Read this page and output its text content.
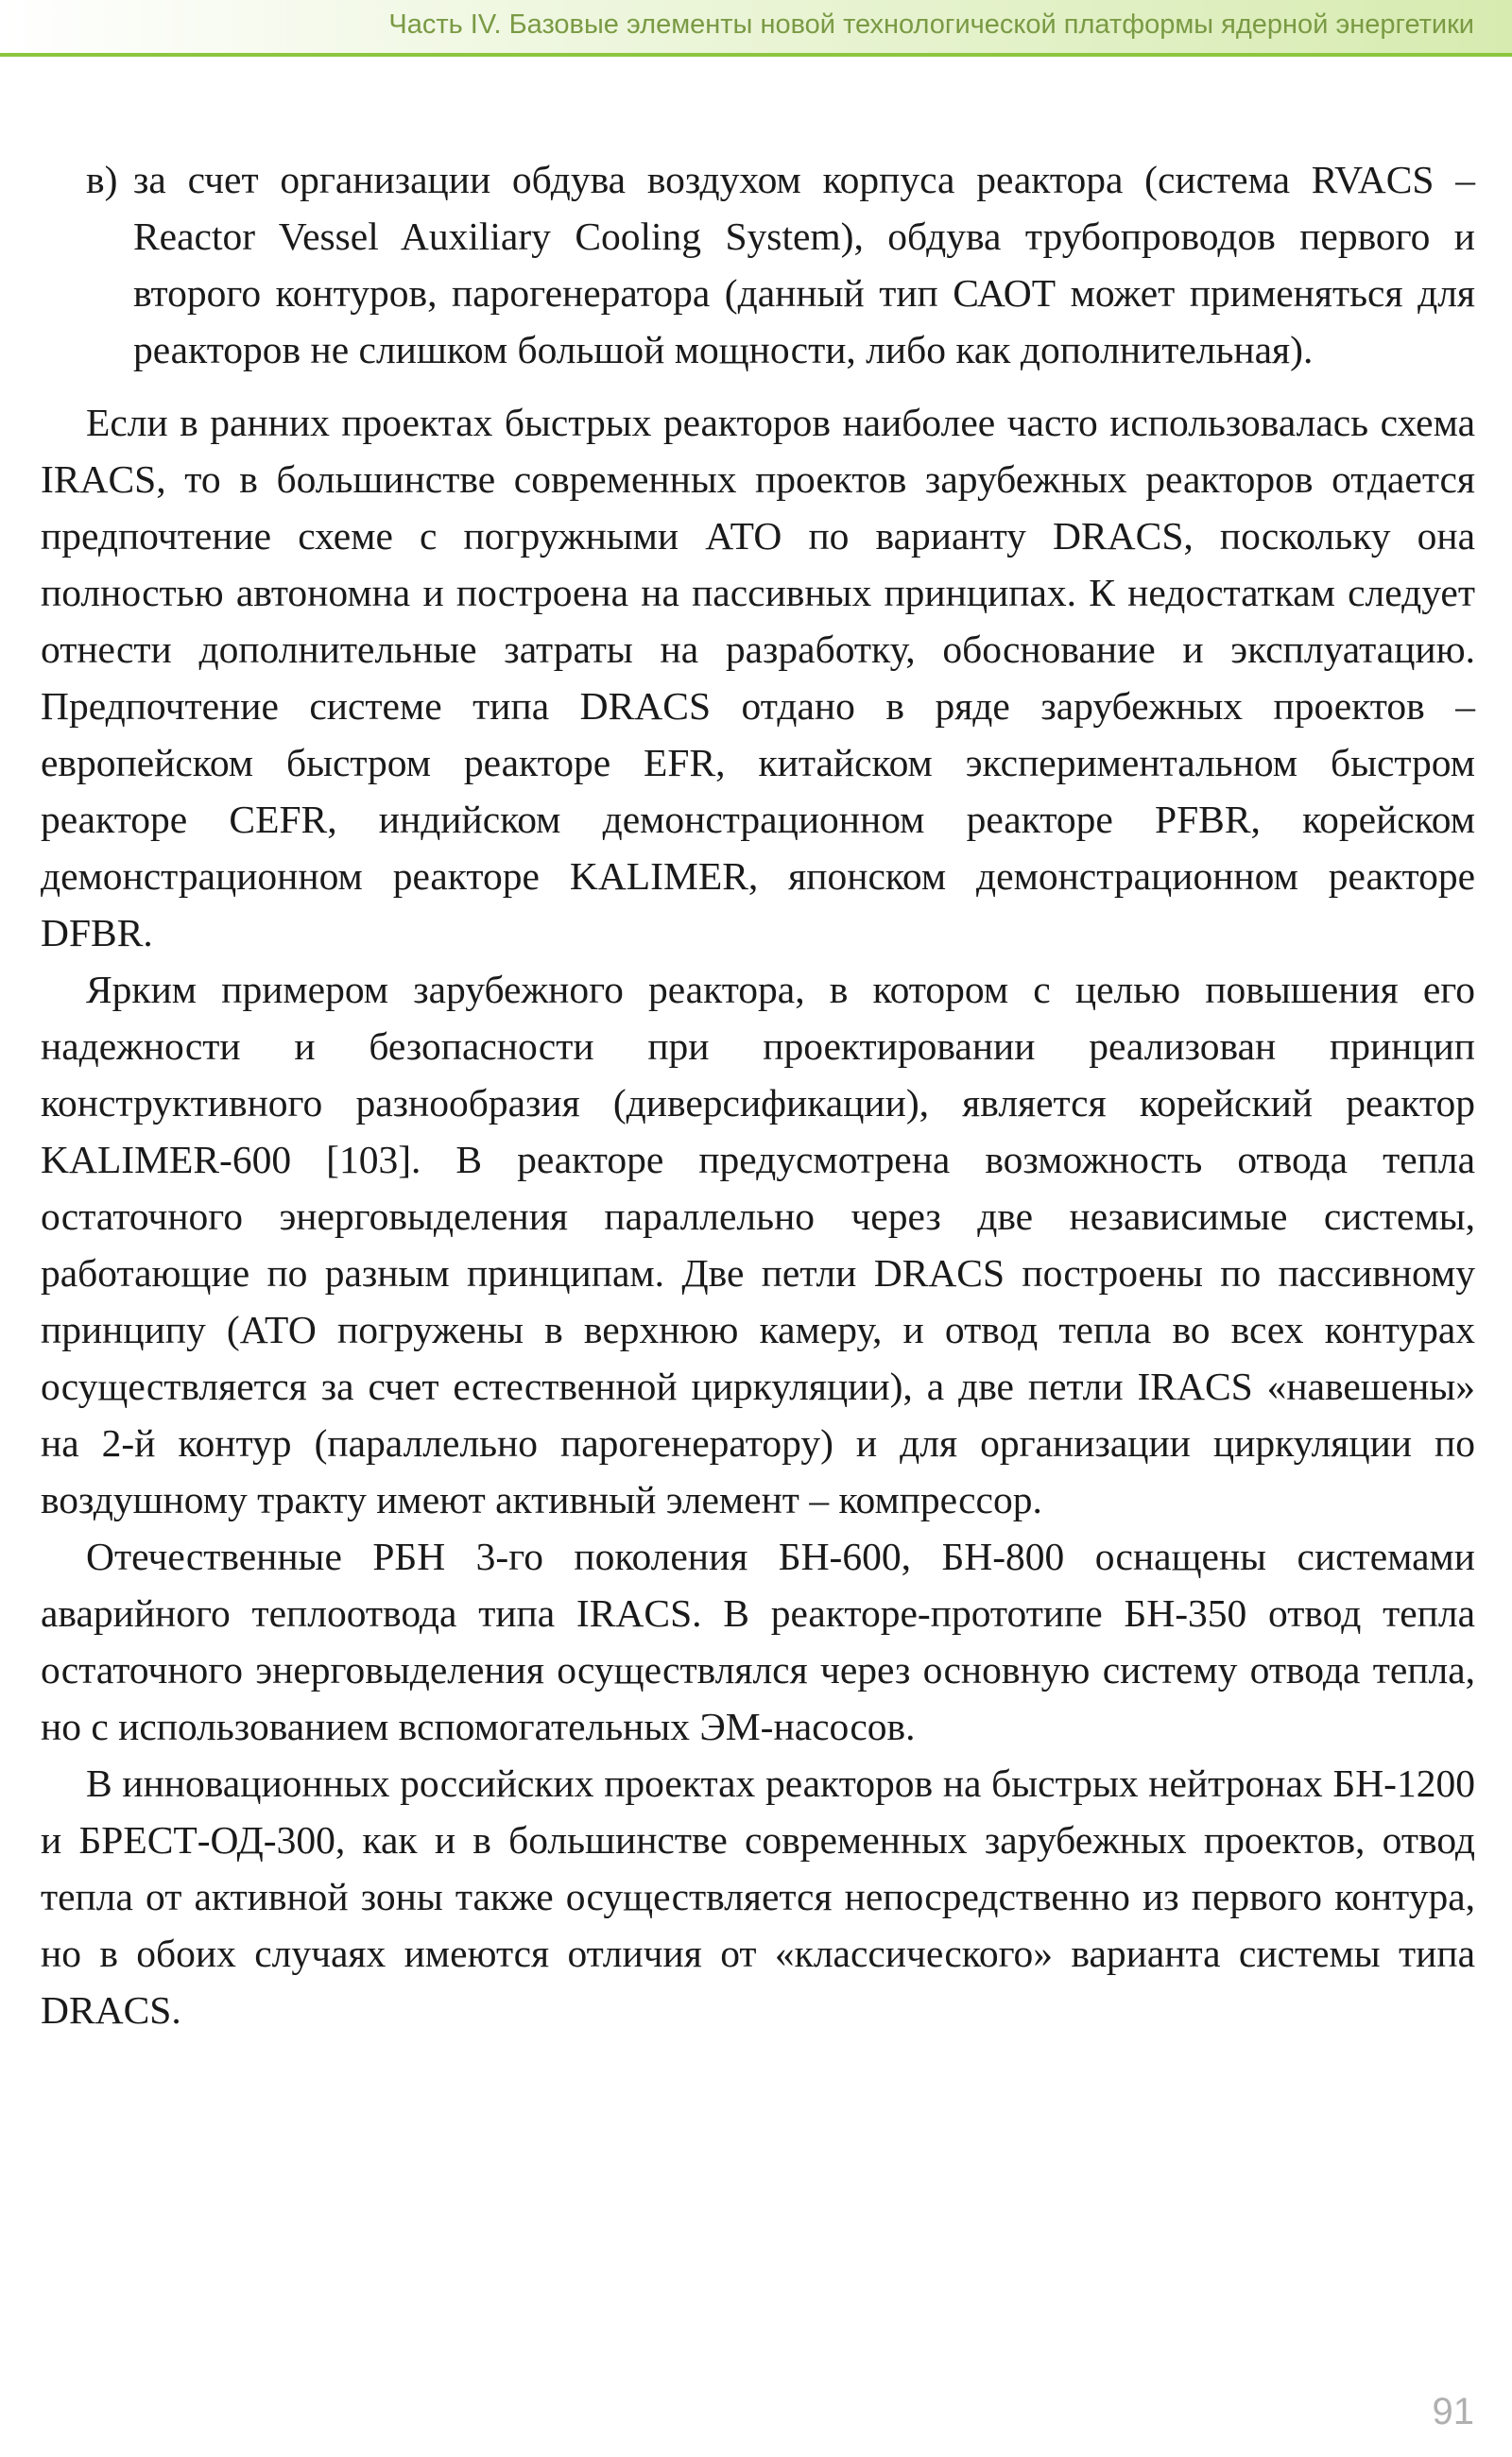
Часть IV. Базовые элементы новой технологической платформы ядерной энергетики
в) за счет организации обдува воздухом корпуса реактора (система RVACS – Reactor Vessel Auxiliary Cooling System), обдува трубопроводов первого и второго контуров, парогенератора (данный тип САОТ может применяться для реакторов не слишком большой мощности, либо как дополнительная).

Если в ранних проектах быстрых реакторов наиболее часто использовалась схема IRACS, то в большинстве современных проектов зарубежных реакторов отдается предпочтение схеме с погружными АТО по варианту DRACS, поскольку она полностью автономна и построена на пассивных принципах. К недостаткам следует отнести дополнительные затраты на разработку, обоснование и эксплуатацию. Предпочтение системе типа DRACS отдано в ряде зарубежных проектов – европейском быстром реакторе EFR, китайском экспериментальном быстром реакторе CEFR, индийском демонстрационном реакторе PFBR, корейском демонстрационном реакторе KALIMER, японском демонстрационном реакторе DFBR.

Ярким примером зарубежного реактора, в котором с целью повышения его надежности и безопасности при проектировании реализован принцип конструктивного разнообразия (диверсификации), является корейский реактор KALIMER-600 [103]. В реакторе предусмотрена возможность отвода тепла остаточного энерговыделения параллельно через две независимые системы, работающие по разным принципам. Две петли DRACS построены по пассивному принципу (АТО погружены в верхнюю камеру, и отвод тепла во всех контурах осуществляется за счет естественной циркуляции), а две петли IRACS «навешены» на 2-й контур (параллельно парогенератору) и для организации циркуляции по воздушному тракту имеют активный элемент – компрессор.

Отечественные РБН 3-го поколения БН-600, БН-800 оснащены системами аварийного теплоотвода типа IRACS. В реакторе-прототипе БН-350 отвод тепла остаточного энерговыделения осуществлялся через основную систему отвода тепла, но с использованием вспомогательных ЭМ-насосов.

В инновационных российских проектах реакторов на быстрых нейтронах БН-1200 и БРЕСТ-ОД-300, как и в большинстве современных зарубежных проектов, отвод тепла от активной зоны также осуществляется непосредственно из первого контура, но в обоих случаях имеются отличия от «классического» варианта системы типа DRACS.

91
